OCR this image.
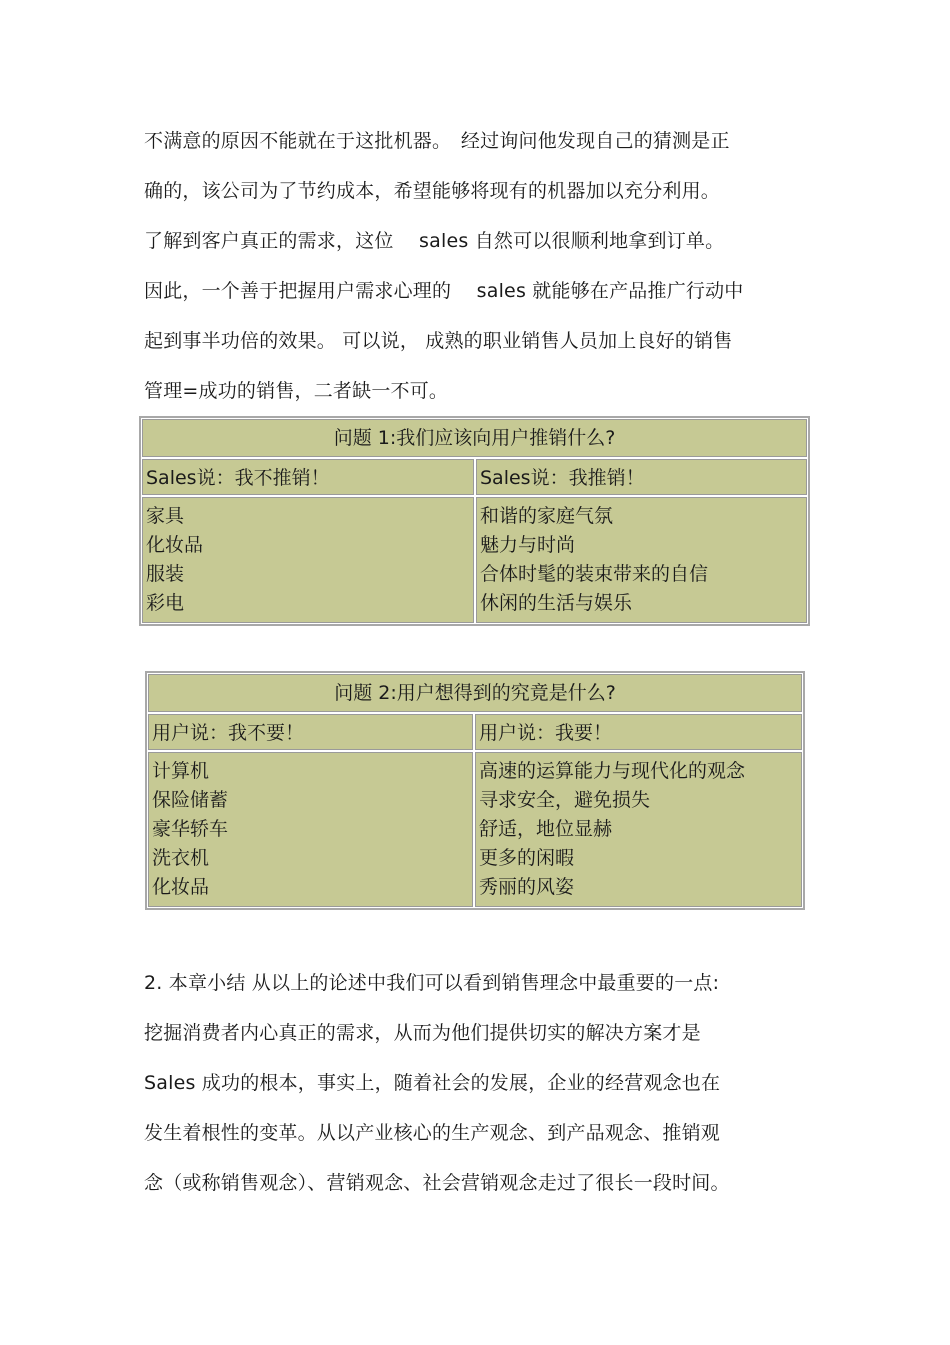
不满意的原因不能就在于这批机器。　经过询问他发现自己的猜测是正
确的，该公司为了节约成本，希望能够将现有的机器加以充分利用。
了解到客户真正的需求，这位　 sales 自然可以很顺利地拿到订单。
因此，一个善于把握用户需求心理的　 sales 就能够在产品推广行动中
起到事半功倍的效果。 可以说， 成熟的职业销售人员加上良好的销售
管理=成功的销售，二者缺一不可。
问题 1:我们应该向用户推销什么?
Sales说：我不推销！	Sales说：我推销！
家具
化妆品
服装
彩电
和谐的家庭气氛
魅力与时尚
合体时髦的装束带来的自信
休闲的生活与娱乐
问题 2:用户想得到的究竟是什么?
用户说：我不要！	用户说：我要！
计算机
保险储蓄
豪华轿车
洗衣机
化妆品
高速的运算能力与现代化的观念
寻求安全，避免损失
舒适，地位显赫
更多的闲暇
秀丽的风姿
2. 本章小结 从以上的论述中我们可以看到销售理念中最重要的一点:
挖掘消费者内心真正的需求，从而为他们提供切实的解决方案才是
Sales 成功的根本，事实上，随着社会的发展，企业的经营观念也在
发生着根性的变革。从以产业核心的生产观念、到产品观念、推销观
念（或称销售观念）、营销观念、社会营销观念走过了很长一段时间。
